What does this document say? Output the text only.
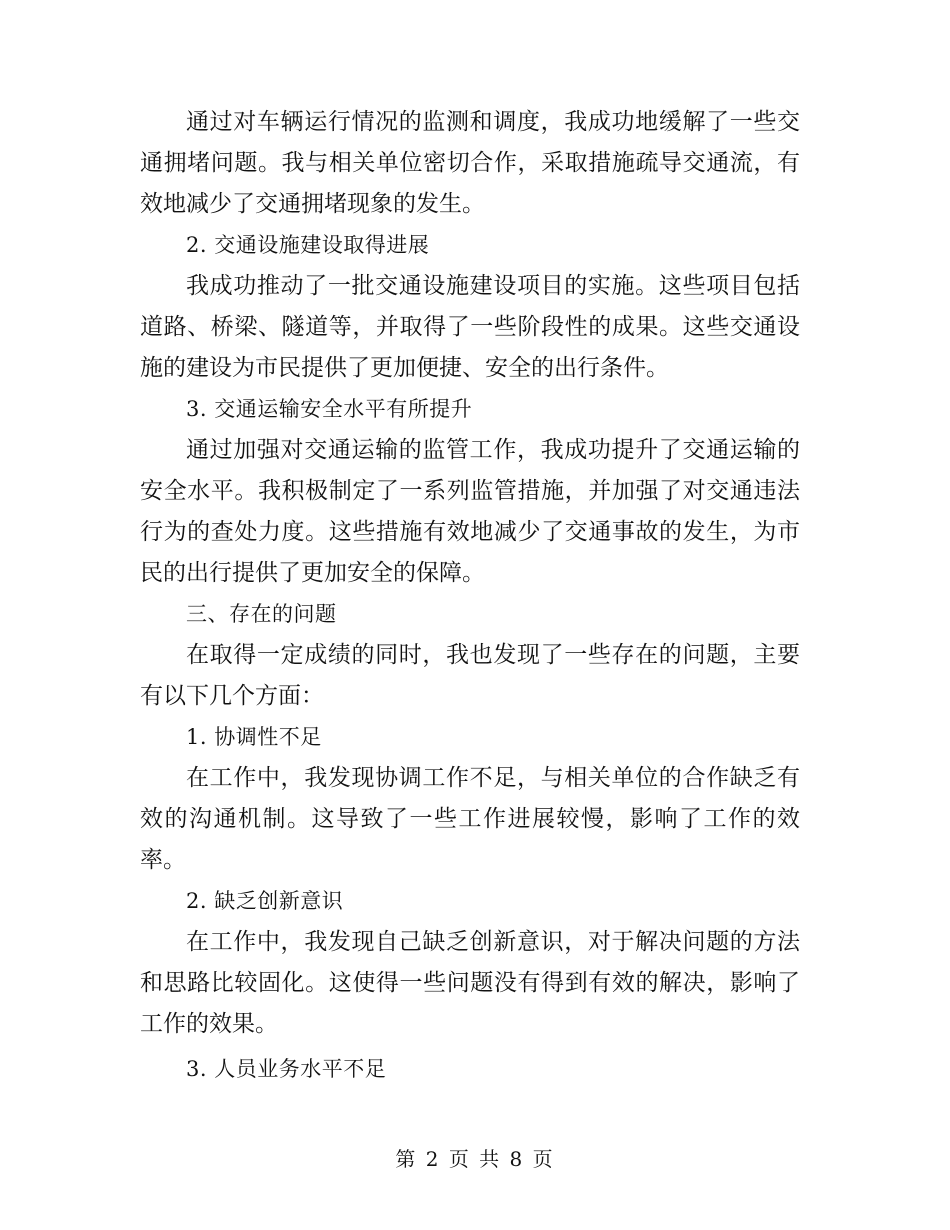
通过对车辆运行情况的监测和调度，我成功地缓解了一些交通拥堵问题。我与相关单位密切合作，采取措施疏导交通流，有效地减少了交通拥堵现象的发生。

2. 交通设施建设取得进展

我成功推动了一批交通设施建设项目的实施。这些项目包括道路、桥梁、隧道等，并取得了一些阶段性的成果。这些交通设施的建设为市民提供了更加便捷、安全的出行条件。

3. 交通运输安全水平有所提升

通过加强对交通运输的监管工作，我成功提升了交通运输的安全水平。我积极制定了一系列监管措施，并加强了对交通违法行为的查处力度。这些措施有效地减少了交通事故的发生，为市民的出行提供了更加安全的保障。

三、存在的问题

在取得一定成绩的同时，我也发现了一些存在的问题，主要有以下几个方面：

1. 协调性不足

在工作中，我发现协调工作不足，与相关单位的合作缺乏有效的沟通机制。这导致了一些工作进展较慢，影响了工作的效率。

2. 缺乏创新意识

在工作中，我发现自己缺乏创新意识，对于解决问题的方法和思路比较固化。这使得一些问题没有得到有效的解决，影响了工作的效果。

3. 人员业务水平不足

第 2 页 共 8 页
